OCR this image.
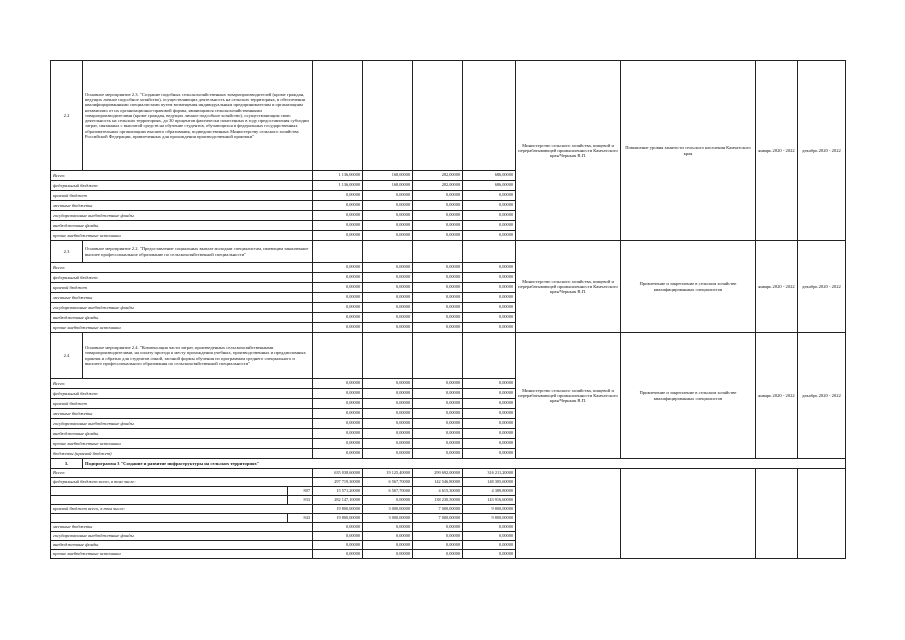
2.2	Основное мероприятие 2.3. "Создание подобных сельскохозяйственных товаропроизводителей (кроме граждан, ведущих личное подсобное хозяйство), осуществляющих деятельность на сельских территориях, в обеспечении квалифицированными специалистами путем возмещения индивидуальным предпринимателям и организациям независимо от их организационно-правовой формы, являющимся сельскохозяйственными товаропроизводителями (кроме граждан, ведущих личное подсобное хозяйство), осуществляющим свою деятельность на сельских территориях, до 30 процентов фактически понесенных в году предоставления субсидии затрат, связанных с выплатой средств на обучение студентов, обучающихся в федеральных государственных образовательных организациях высшего образования, подведомственных Министерству сельского хозяйства Российской Федерации, привлеченных для прохождения производственной практики"						Министерство сельского хозяйства, пищевой и перерабатывающей промышленности Камчатского края/Черныш В.П.	Повышение уровня занятости сельского населения Камчатского края	январь 2020 - 2022	декабрь 2020 - 2022
Всего:			1 136,00000	168,00000	282,00000	686,00000				
федеральный бюджет			1 136,00000	168,00000	282,00000	686,00000				
краевой бюджет			0,00000	0,00000	0,00000	0,00000				
местные бюджеты			0,00000	0,00000	0,00000	0,00000				
государственные внебюджетные фонды			0,00000	0,00000	0,00000	0,00000				
внебюджетные фонды			0,00000	0,00000	0,00000	0,00000				
прочие внебюджетные источники			0,00000	0,00000	0,00000	0,00000				
2.3	Основное мероприятие 2.2. "Предоставление социальных выплат молодым специалистам, имеющим законченное высшее профессиональное образование по сельскохозяйственной специальности"						Министерство сельского хозяйства, пищевой и перерабатывающей промышленности Камчатского края/Черныш В.П.	Привлечение и закрепление в сельском хозяйстве квалифицированных специалистов	январь 2020 - 2022	декабрь 2020 - 2022
Всего:			0,00000	0,00000	0,00000	0,00000				
федеральный бюджет			0,00000	0,00000	0,00000	0,00000				
краевой бюджет			0,00000	0,00000	0,00000	0,00000				
местные бюджеты			0,00000	0,00000	0,00000	0,00000				
государственные внебюджетные фонды			0,00000	0,00000	0,00000	0,00000				
внебюджетные фонды			0,00000	0,00000	0,00000	0,00000				
прочие внебюджетные источники			0,00000	0,00000	0,00000	0,00000				
2.4	Основное мероприятие 2.4. "Компенсация части затрат, произведенных сельскохозяйственными товаропроизводителями, на оплату проезда к месту прохождения учебных, производственных и преддипломных практик и обратно для студентов очной, заочной формы обучения по программам среднего специального и высшего профессионального образования по сельскохозяйственной специальности"						Министерство сельского хозяйства, пищевой и перерабатывающей промышленности Камчатского края/Черныш В.П.	Привлечение и закрепление в сельском хозяйстве квалифицированных специалистов	январь 2020 - 2022	декабрь 2020 - 2022
Всего:			0,00000	0,00000	0,00000	0,00000				
федеральный бюджет			0,00000	0,00000	0,00000	0,00000				
краевой бюджет			0,00000	0,00000	0,00000	0,00000				
местные бюджеты			0,00000	0,00000	0,00000	0,00000				
государственные внебюджетные фонды			0,00000	0,00000	0,00000	0,00000				
внебюджетные фонды			0,00000	0,00000	0,00000	0,00000				
прочие внебюджетные источники			0,00000	0,00000	0,00000	0,00000				
бюджеты (краевой бюджет)			0,00000	0,00000	0,00000	0,00000				
3.	Подпрограмма 3 "Создание и развитие инфраструктуры на сельских территориях"									
Всего:			635 038,60000	19 125,40000	299 692,00000	316 211,20000				
федеральный бюджет всего, в том числе:			297 719,30000	6 567,70000	142 546,80000	148 305,60000				
		807	15 571,20000	6 567,70000	4 615,30000	4 389,80000				
		833	282 147,10000	0,00000	138 230,50000	143 916,60000				
краевой бюджет всего, в том числе:			19 800,00000	3 000,00000	7 000,00000	9 800,00000				
		843	19 800,00000	3 000,00000	7 000,00000	9 800,00000				
местные бюджеты			0,00000	0,00000	0,00000	0,00000				
государственные внебюджетные фонды			0,00000	0,00000	0,00000	0,00000				
внебюджетные фонды			0,00000	0,00000	0,00000	0,00000				
прочие внебюджетные источники			0,00000	0,00000	0,00000	0,00000				
